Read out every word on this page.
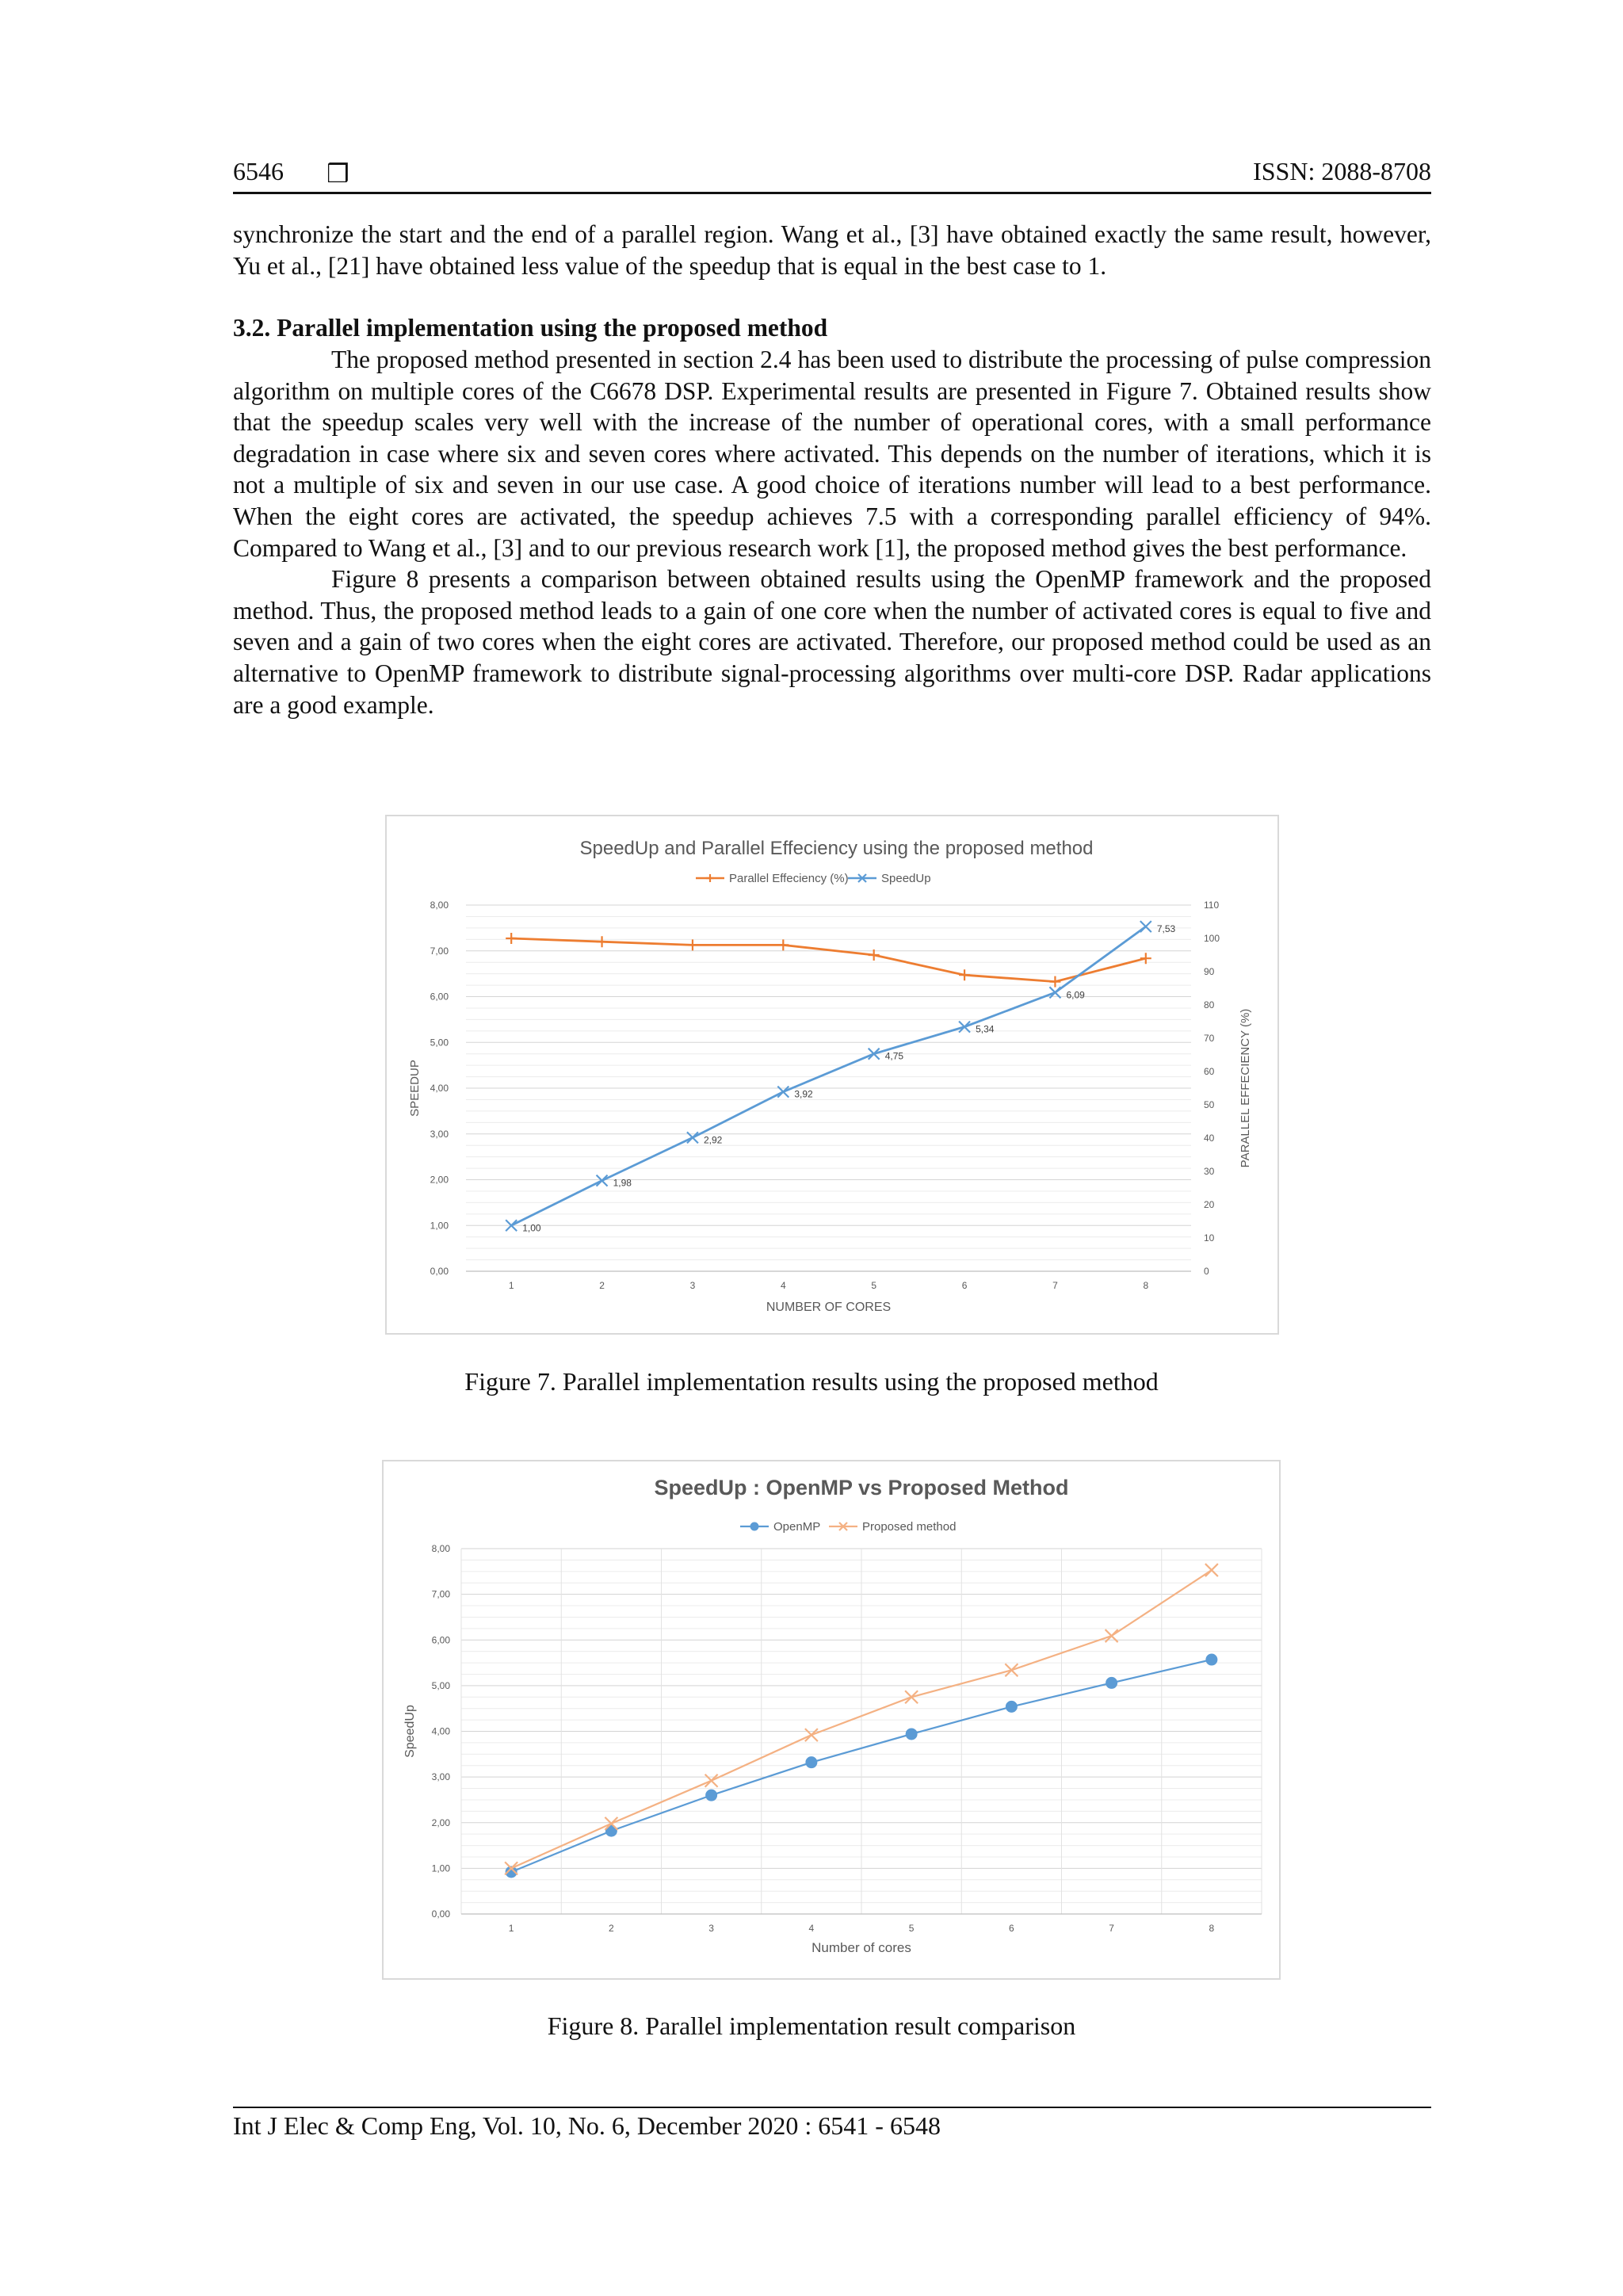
6546 ❒	ISSN: 2088-8708

synchronize the start and the end of a parallel region. Wang et al., [3] have obtained exactly the same result, however, Yu et al., [21] have obtained less value of the speedup that is equal in the best case to 1.

3.2. Parallel implementation using the proposed method

The proposed method presented in section 2.4 has been used to distribute the processing of pulse compression algorithm on multiple cores of the C6678 DSP. Experimental results are presented in Figure 7. Obtained results show that the speedup scales very well with the increase of the number of operational cores, with a small performance degradation in case where six and seven cores where activated. This depends on the number of iterations, which it is not a multiple of six and seven in our use case. A good choice of iterations number will lead to a best performance. When the eight cores are activated, the speedup achieves 7.5 with a corresponding parallel efficiency of 94%. Compared to Wang et al., [3] and to our previous research work [1], the proposed method gives the best performance.

Figure 8 presents a comparison between obtained results using the OpenMP framework and the proposed method. Thus, the proposed method leads to a gain of one core when the number of activated cores is equal to five and seven and a gain of two cores when the eight cores are activated. Therefore, our proposed method could be used as an alternative to OpenMP framework to distribute signal-processing algorithms over multi-core DSP. Radar applications are a good example.

0,00
1,00
2,00
3,00
4,00
5,00
6,00
7,00
8,00
0
10
20
30
40
50
60
70
80
90
100
110
1	2	3	4	5	6	7	8
SpeedUp and Parallel Effeciency using the proposed method
NUMBER OF CORES
SPEEDUP	PARALLEL EFFECIENCY (%)
Parallel Effeciency (%)	SpeedUp
1,00
1,98
2,92
3,92
4,75
5,34
6,09
7,53
Figure 7. Parallel implementation results using the proposed method
0,00
1,00
2,00
3,00
4,00
5,00
6,00
7,00
8,00
1	2	3	4	5	6	7	8
SpeedUp : OpenMP vs Proposed Method
Number of cores
SpeedUp
OpenMP	Proposed method
Figure 8. Parallel implementation result comparison
Int J Elec & Comp Eng, Vol. 10, No. 6, December 2020 : 6541 - 6548
